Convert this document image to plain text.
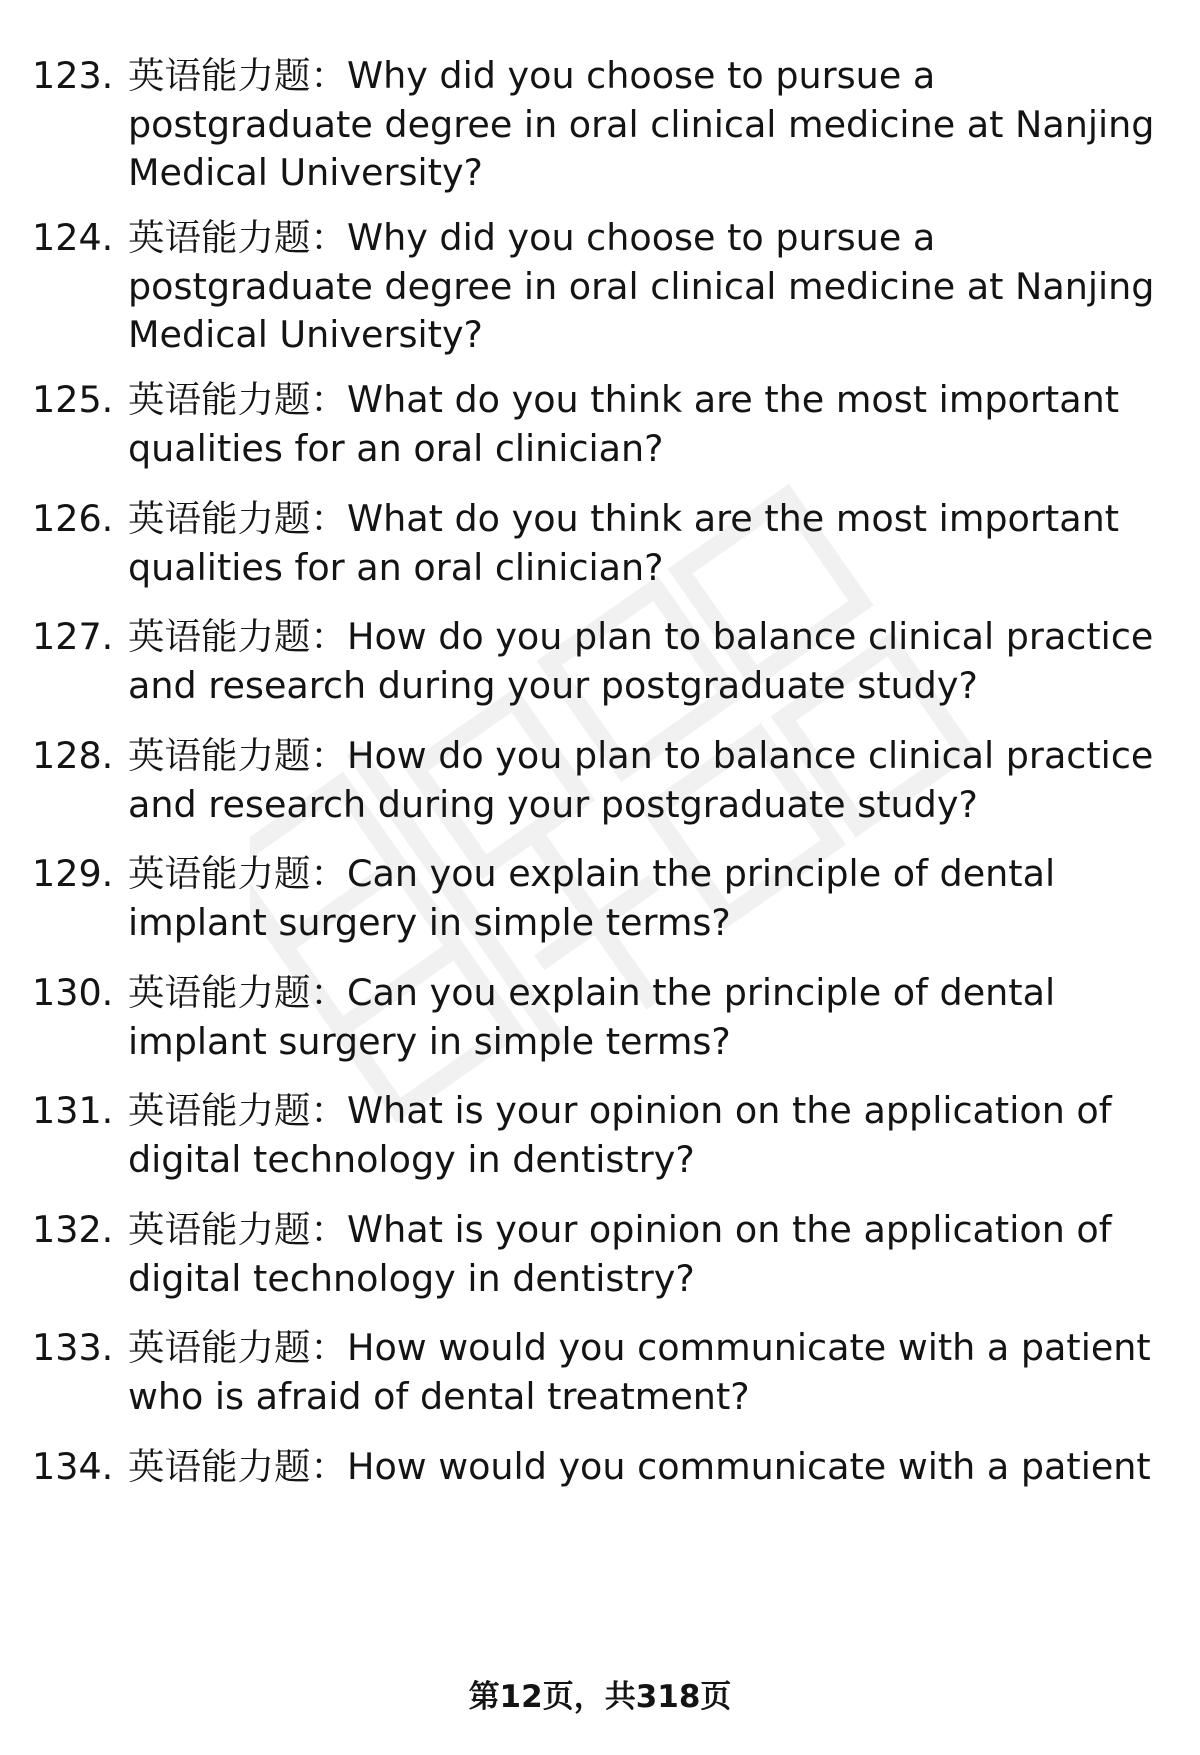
123. 英语能力题：Why did you choose to pursue a postgraduate degree in oral clinical medicine at Nanjing Medical University?
124. 英语能力题：Why did you choose to pursue a postgraduate degree in oral clinical medicine at Nanjing Medical University?
125. 英语能力题：What do you think are the most important qualities for an oral clinician?
126. 英语能力题：What do you think are the most important qualities for an oral clinician?
127. 英语能力题：How do you plan to balance clinical practice and research during your postgraduate study?
128. 英语能力题：How do you plan to balance clinical practice and research during your postgraduate study?
129. 英语能力题：Can you explain the principle of dental implant surgery in simple terms?
130. 英语能力题：Can you explain the principle of dental implant surgery in simple terms?
131. 英语能力题：What is your opinion on the application of digital technology in dentistry?
132. 英语能力题：What is your opinion on the application of digital technology in dentistry?
133. 英语能力题：How would you communicate with a patient who is afraid of dental treatment?
134. 英语能力题：How would you communicate with a patient
第12页，共318页
